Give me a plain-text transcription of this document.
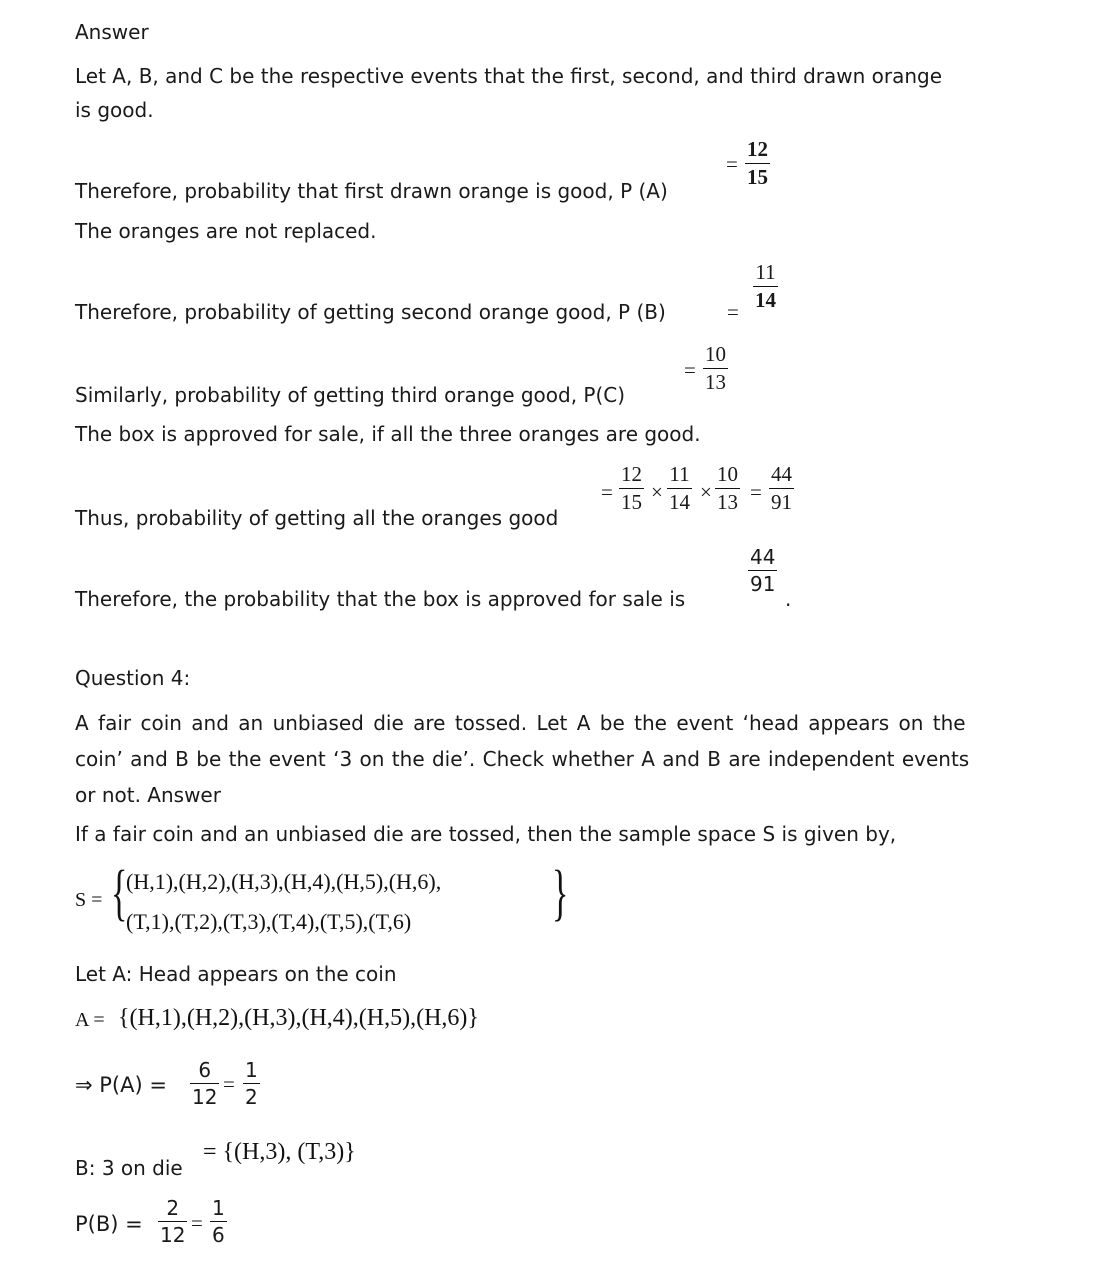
Answer
Let A, B, and C be the respective events that the first, second, and third drawn orange
is good.
Therefore, probability that first drawn orange is good, P (A)
=
12
15
The oranges are not replaced.
Therefore, probability of getting second orange good, P (B)	=
11
14
Similarly, probability of getting third orange good, P(C)
=
10
13
The box is approved for sale, if all the three oranges are good.
Thus, probability of getting all the oranges good
=
12
15 ×
11
14 ×
10
13 =
44
91
Therefore, the probability that the box is approved for sale is
44
91
.
Question 4:
A fair coin and an unbiased die are tossed. Let A be the event ‘head appears on the
coin’ and B be the event ‘3 on the die’. Check whether A and B are independent events
or not. Answer
If a fair coin and an unbiased die are tossed, then the sample space S is given by,
S = {
(H,1),(H,2),(H,3),(H,4),(H,5),(H,6),
(T,1),(T,2),(T,3),(T,4),(T,5),(T,6) }
Let A: Head appears on the coin
A = {(H,1),(H,2),(H,3),(H,4),(H,5),(H,6)}
⇒ P(A) =
6
12
=
1
2
B: 3 on die
= {(H,3), (T,3)}
P(B) =
2
12 =
1
6
